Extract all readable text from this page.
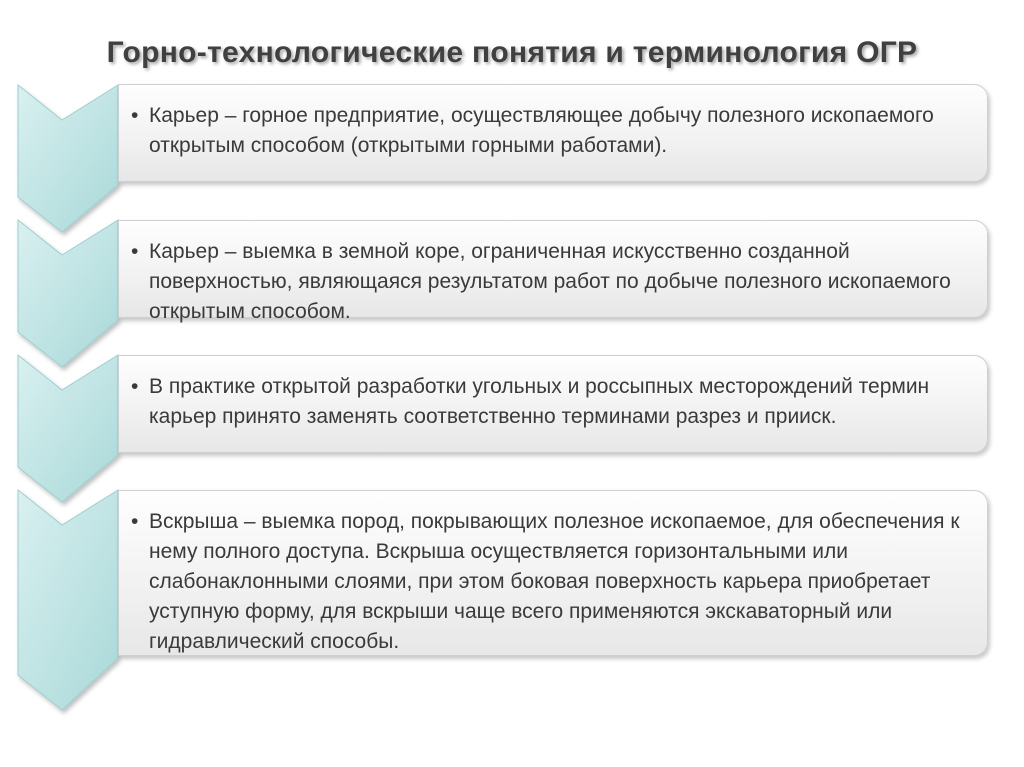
Горно-технологические понятия и терминология ОГР
• Карьер – горное предприятие, осуществляющее добычу полезного ископаемого открытым способом (открытыми горными работами).
• Карьер – выемка в земной коре, ограниченная искусственно созданной поверхностью, являющаяся результатом работ по добыче полезного ископаемого открытым способом.
• В практике открытой разработки угольных и россыпных месторождений термин карьер принято заменять соответственно терминами разрез и прииск.
• Вскрыша – выемка пород, покрывающих полезное ископаемое, для обеспечения к нему полного доступа. Вскрыша осуществляется горизонтальными или слабонаклонными слоями, при этом боковая поверхность карьера приобретает уступную форму, для вскрыши чаще всего применяются экскаваторный или гидравлический способы.
